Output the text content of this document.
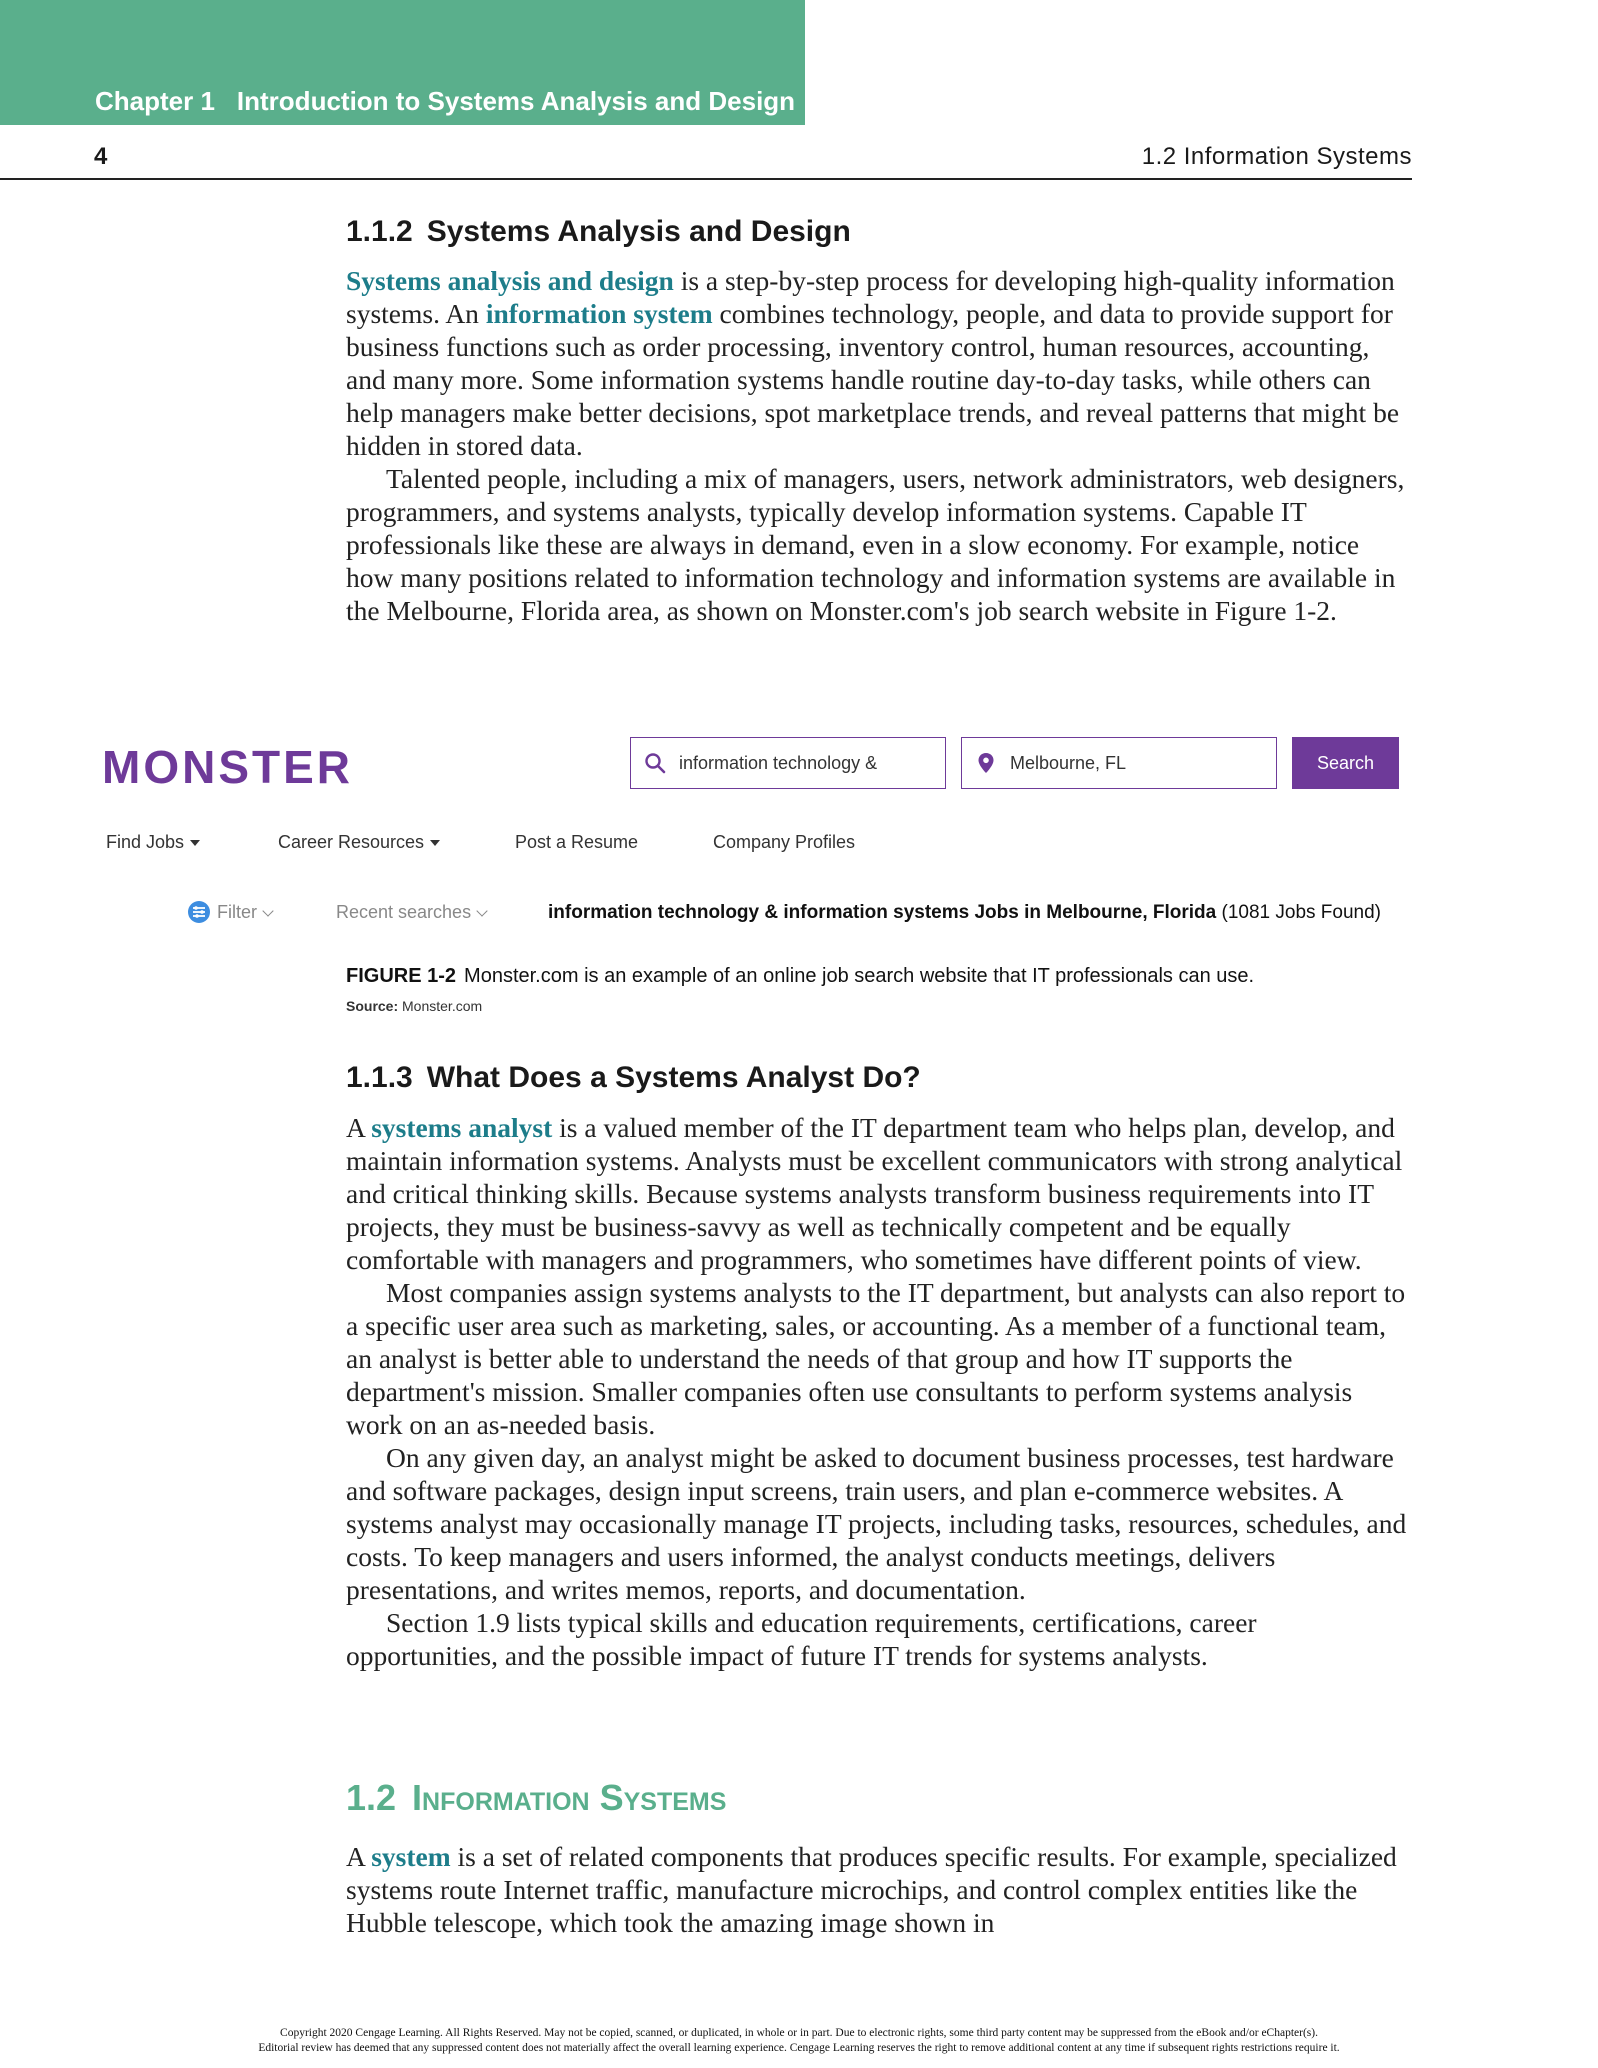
Chapter 1 Introduction to Systems Analysis and Design
4	1.2 Information Systems
1.1.2 Systems Analysis and Design

Systems analysis and design is a step-by-step process for developing high-quality information systems. An information system combines technology, people, and data to provide support for business functions such as order processing, inventory control, human resources, accounting, and many more. Some information systems handle routine day-to-day tasks, while others can help managers make better decisions, spot marketplace trends, and reveal patterns that might be hidden in stored data.

Talented people, including a mix of managers, users, network administrators, web designers, programmers, and systems analysts, typically develop information systems. Capable IT professionals like these are always in demand, even in a slow economy. For example, notice how many positions related to information technology and information systems are available in the Melbourne, Florida area, as shown on Monster.com's job search website in Figure 1-2.

MONSTER	information technology &	Melbourne, FL	Search
Find Jobs	Career Resources	Post a Resume	Company Profiles
Filter	Recent searches	information technology & information systems Jobs in Melbourne, Florida (1081 Jobs Found)
FIGURE 1-2 Monster.com is an example of an online job search website that IT professionals can use.
Source: Monster.com
1.1.3 What Does a Systems Analyst Do?

A systems analyst is a valued member of the IT department team who helps plan, develop, and maintain information systems. Analysts must be excellent communicators with strong analytical and critical thinking skills. Because systems analysts transform business requirements into IT projects, they must be business-savvy as well as technically competent and be equally comfortable with managers and programmers, who sometimes have different points of view.

Most companies assign systems analysts to the IT department, but analysts can also report to a specific user area such as marketing, sales, or accounting. As a member of a functional team, an analyst is better able to understand the needs of that group and how IT supports the department's mission. Smaller companies often use consultants to perform systems analysis work on an as-needed basis.

On any given day, an analyst might be asked to document business processes, test hardware and software packages, design input screens, train users, and plan e-commerce websites. A systems analyst may occasionally manage IT projects, including tasks, resources, schedules, and costs. To keep managers and users informed, the analyst conducts meetings, delivers presentations, and writes memos, reports, and documentation.

Section 1.9 lists typical skills and education requirements, certifications, career opportunities, and the possible impact of future IT trends for systems analysts.

1.2 Information Systems

A system is a set of related components that produces specific results. For example, specialized systems route Internet traffic, manufacture microchips, and control complex entities like the Hubble telescope, which took the amazing image shown in

Copyright 2020 Cengage Learning. All Rights Reserved. May not be copied, scanned, or duplicated, in whole or in part. Due to electronic rights, some third party content may be suppressed from the eBook and/or eChapter(s).
Editorial review has deemed that any suppressed content does not materially affect the overall learning experience. Cengage Learning reserves the right to remove additional content at any time if subsequent rights restrictions require it.
